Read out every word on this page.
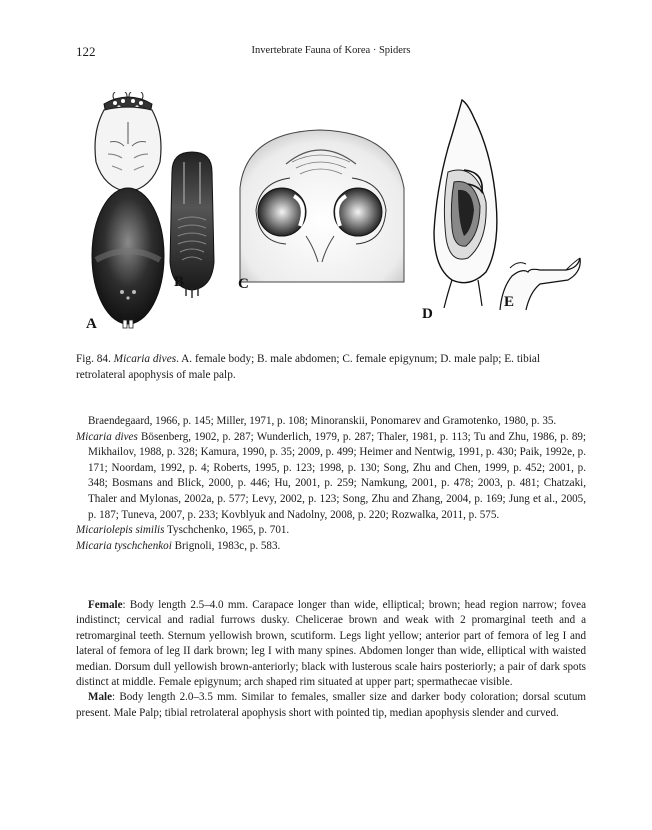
122	Invertebrate Fauna of Korea · Spiders
A
B	C
D
E
Fig. 84. Micaria dives. A. female body; B. male abdomen; C. female epigynum; D. male palp; E. tibial retrolateral apophysis of male palp.

Braendegaard, 1966, p. 145; Miller, 1971, p. 108; Minoranskii, Ponomarev and Gramotenko, 1980, p. 35.

Micaria dives Bösenberg, 1902, p. 287; Wunderlich, 1979, p. 287; Thaler, 1981, p. 113; Tu and Zhu, 1986, p. 89; Mikhailov, 1988, p. 328; Kamura, 1990, p. 35; 2009, p. 499; Heimer and Nentwig, 1991, p. 430; Paik, 1992e, p. 171; Noordam, 1992, p. 4; Roberts, 1995, p. 123; 1998, p. 130; Song, Zhu and Chen, 1999, p. 452; 2001, p. 348; Bosmans and Blick, 2000, p. 446; Hu, 2001, p. 259; Namkung, 2001, p. 478; 2003, p. 481; Chatzaki, Thaler and Mylonas, 2002a, p. 577; Levy, 2002, p. 123; Song, Zhu and Zhang, 2004, p. 169; Jung et al., 2005, p. 187; Tuneva, 2007, p. 233; Kovblyuk and Nadolny, 2008, p. 220; Rozwalka, 2011, p. 575.

Micariolepis similis Tyschchenko, 1965, p. 701.

Micaria tyschchenkoi Brignoli, 1983c, p. 583.

Female: Body length 2.5–4.0 mm. Carapace longer than wide, elliptical; brown; head region narrow; fovea indistinct; cervical and radial furrows dusky. Chelicerae brown and weak with 2 promarginal teeth and a retromarginal teeth. Sternum yellowish brown, scutiform. Legs light yellow; anterior part of femora of leg I and lateral of femora of leg II dark brown; leg I with many spines. Abdomen longer than wide, elliptical with waisted median. Dorsum dull yellowish brown-anteriorly; black with lusterous scale hairs posteriorly; a pair of dark spots distinct at middle. Female epigynum; arch shaped rim situated at upper part; spermathecae visible.

Male: Body length 2.0–3.5 mm. Similar to females, smaller size and darker body coloration; dorsal scutum present. Male Palp; tibial retrolateral apophysis short with pointed tip, median apophysis slender and curved.
